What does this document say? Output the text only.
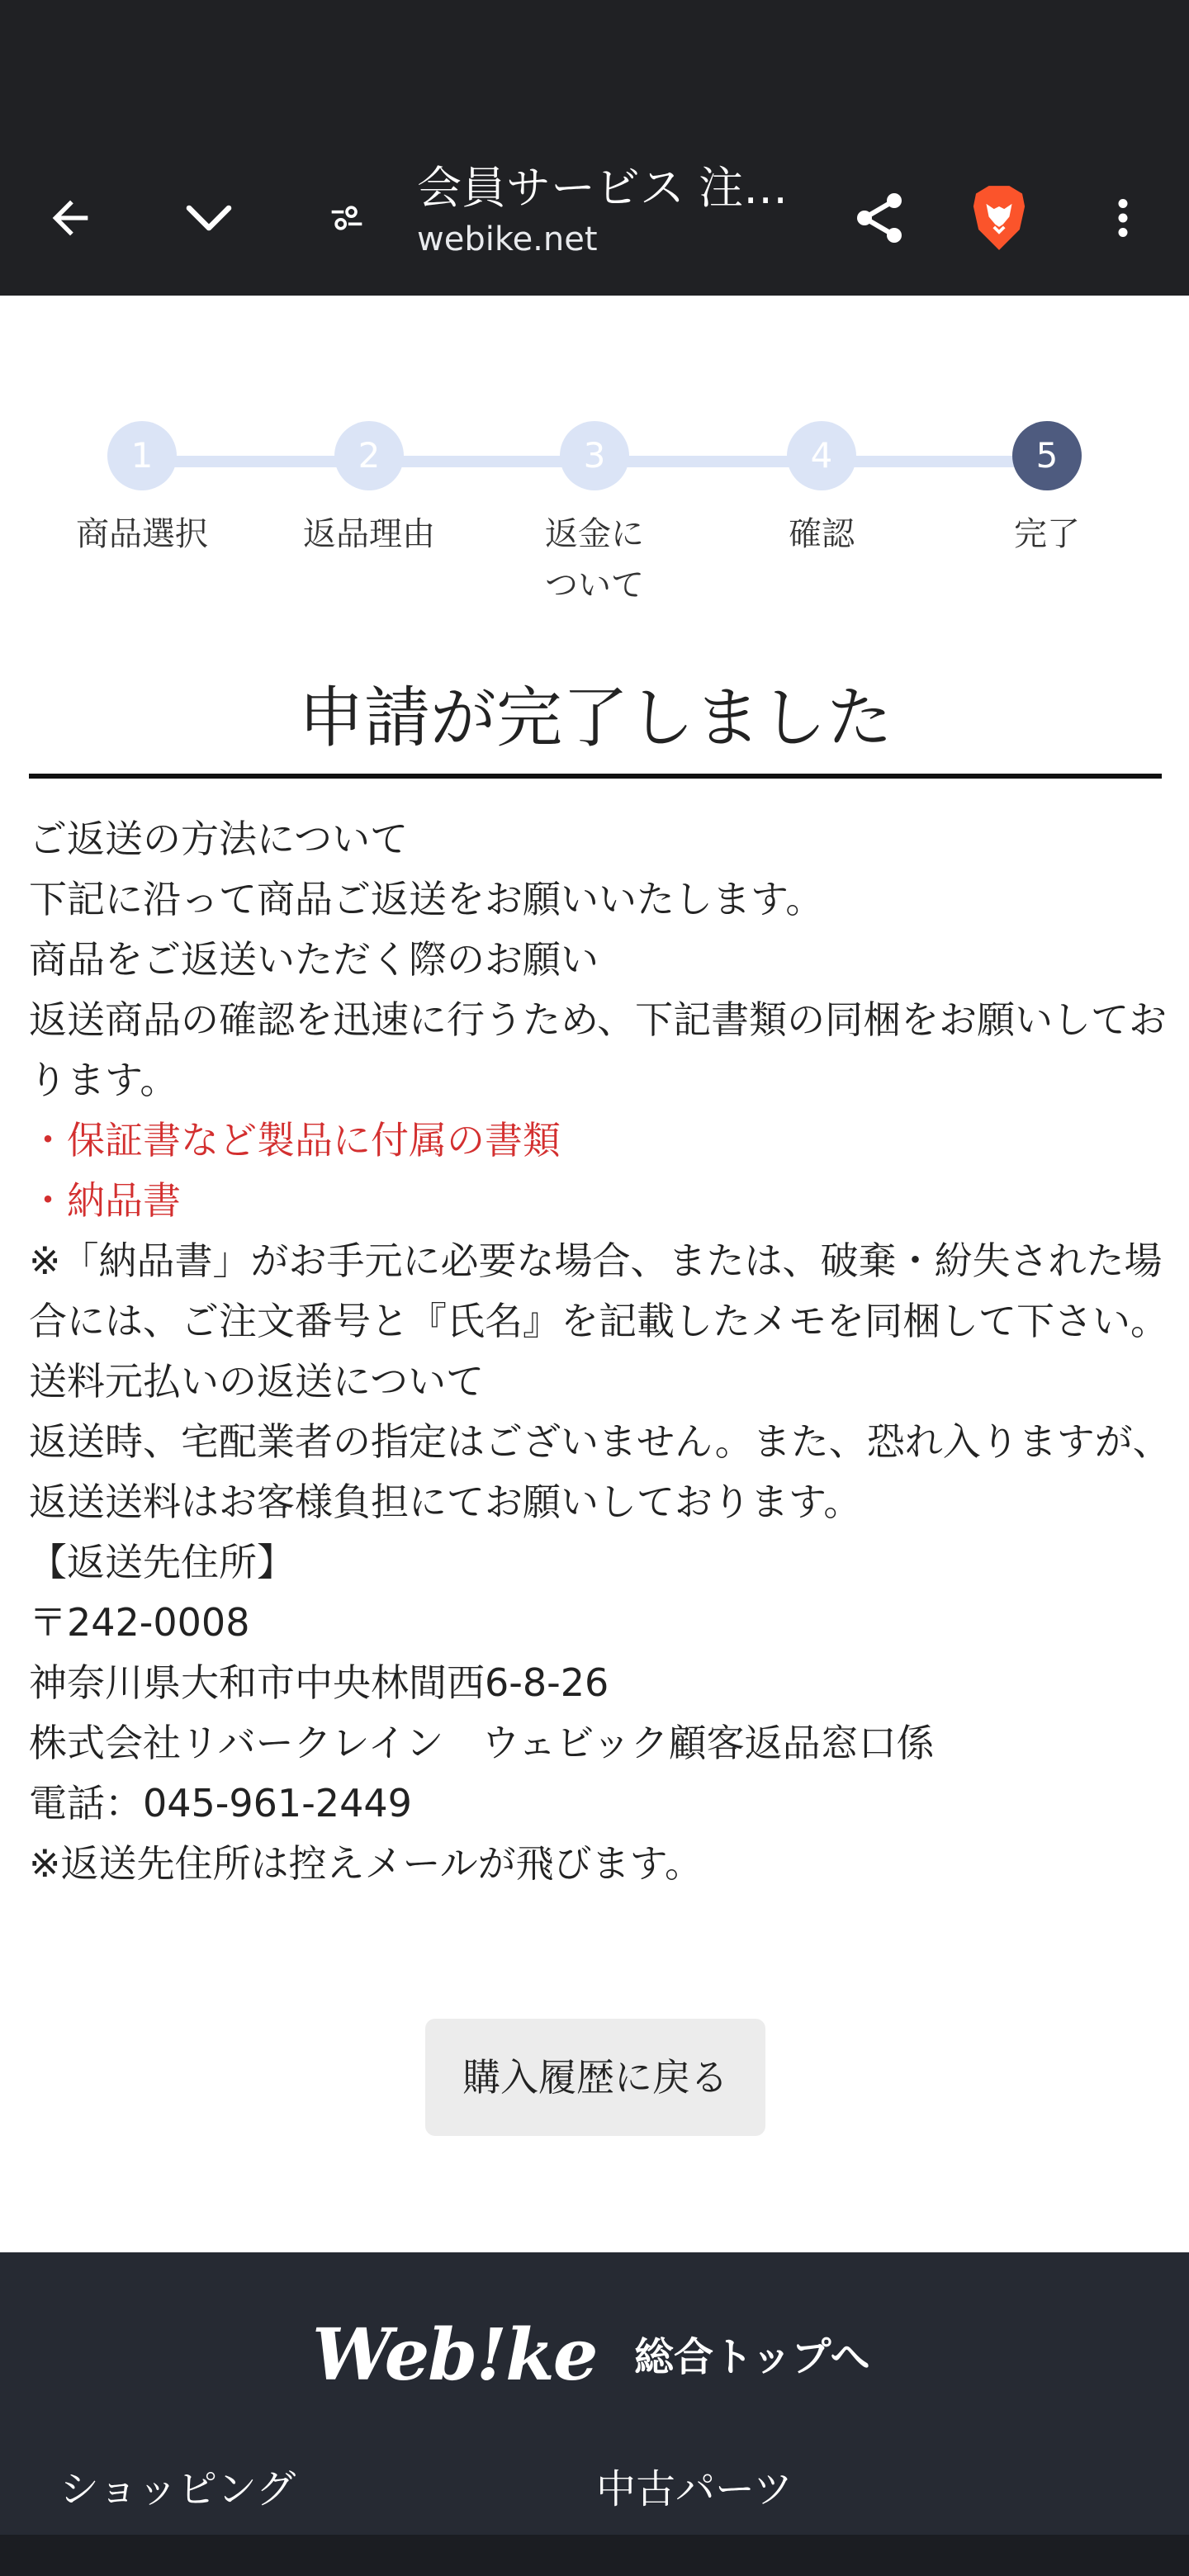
会員サービス 注…
webike.net
1
商品選択
2
返品理由
3
返金に
ついて
4
確認
5
完了
申請が完了しました

ご返送の方法について

下記に沿って商品ご返送をお願いいたします。

商品をご返送いただく際のお願い

返送商品の確認を迅速に行うため、下記書類の同梱をお願いしております。

・保証書など製品に付属の書類

・納品書

※「納品書」がお手元に必要な場合、または、破棄・紛失された場合には、ご注文番号と『氏名』を記載したメモを同梱して下さい。

送料元払いの返送について

返送時、宅配業者の指定はございません。また、恐れ入りますが、返送送料はお客様負担にてお願いしております。

【返送先住所】

〒242-0008

神奈川県大和市中央林間西6-8-26

株式会社リバークレイン　ウェビック顧客返品窓口係

電話：045-961-2449

※返送先住所は控えメールが飛びます。

購入履歴に戻る
Web!ke 総合トップへ
ショッピング	中古パーツ
